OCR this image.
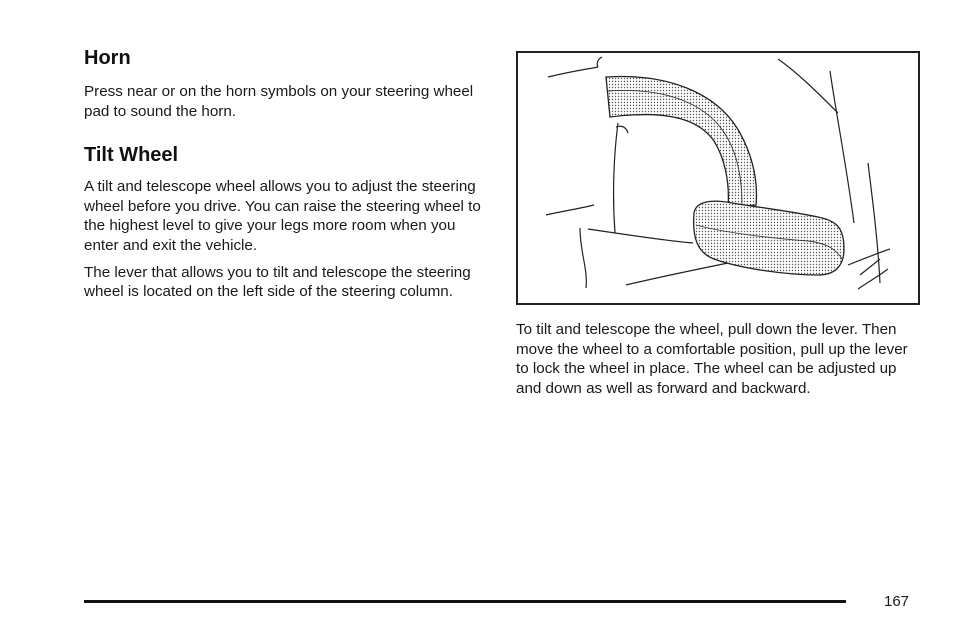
Horn

Press near or on the horn symbols on your steering wheel pad to sound the horn.

Tilt Wheel

A tilt and telescope wheel allows you to adjust the steering wheel before you drive. You can raise the steering wheel to the highest level to give your legs more room when you enter and exit the vehicle.

The lever that allows you to tilt and telescope the steering wheel is located on the left side of the steering column.

To tilt and telescope the wheel, pull down the lever. Then move the wheel to a comfortable position, pull up the lever to lock the wheel in place. The wheel can be adjusted up and down as well as forward and backward.

167
